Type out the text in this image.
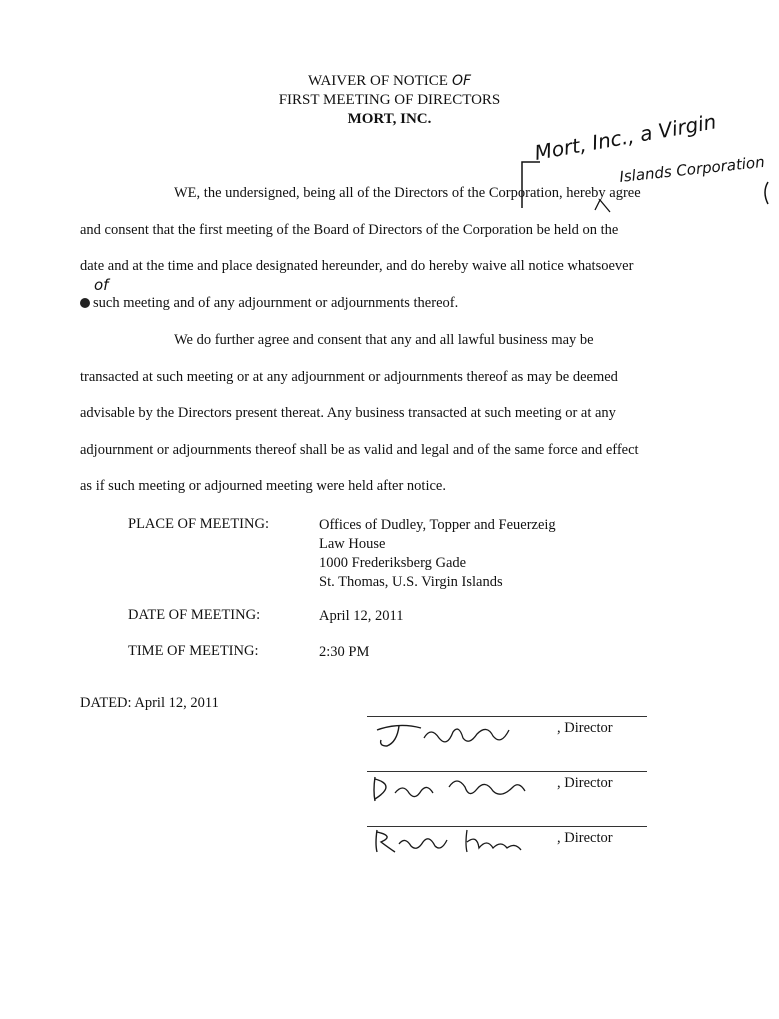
WAIVER OF NOTICE OF
FIRST MEETING OF DIRECTORS
MORT, INC.	Mort, Inc., a Virgin
Islands Corporation
WE, the undersigned, being all of the Directors of the Corporation, hereby agree
and consent that the first meeting of the Board of Directors of the Corporation be held on the
date and at the time and place designated hereunder, and do hereby waive all notice whatsoever
of
such meeting and of any adjournment or adjournments thereof.
We do further agree and consent that any and all lawful business may be
transacted at such meeting or at any adjournment or adjournments thereof as may be deemed
advisable by the Directors present thereat. Any business transacted at such meeting or at any
adjournment or adjournments thereof shall be as valid and legal and of the same force and effect
as if such meeting or adjourned meeting were held after notice.
PLACE OF MEETING:	Offices of Dudley, Topper and Feuerzeig
Law House
1000 Frederiksberg Gade
St. Thomas, U.S. Virgin Islands
DATE OF MEETING:	April 12, 2011
TIME OF MEETING:	2:30 PM
DATED: April 12, 2011
, Director
, Director
, Director
